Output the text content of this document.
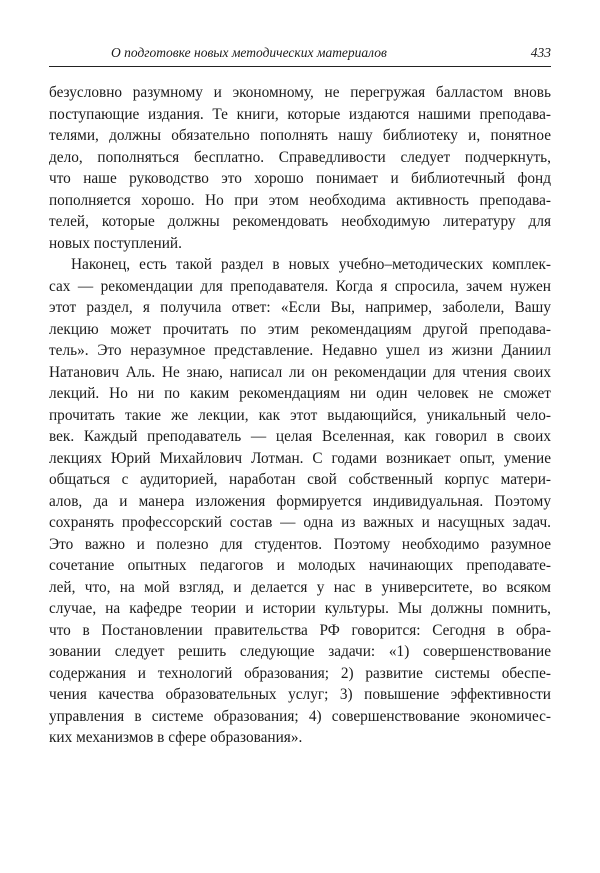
О подготовке новых методических материалов	433
безусловно разумному и экономному, не перегружая балластом вновь
поступающие издания. Те книги, которые издаются нашими преподава-
телями, должны обязательно пополнять нашу библиотеку и, понятное
дело, пополняться бесплатно. Справедливости следует подчеркнуть,
что наше руководство это хорошо понимает и библиотечный фонд
пополняется хорошо. Но при этом необходима активность преподава-
телей, которые должны рекомендовать необходимую литературу для
новых поступлений.
Наконец, есть такой раздел в новых учебно–методических комплек-
сах — рекомендации для преподавателя. Когда я спросила, зачем нужен
этот раздел, я получила ответ: «Если Вы, например, заболели, Вашу
лекцию может прочитать по этим рекомендациям другой преподава-
тель». Это неразумное представление. Недавно ушел из жизни Даниил
Натанович Аль. Не знаю, написал ли он рекомендации для чтения своих
лекций. Но ни по каким рекомендациям ни один человек не сможет
прочитать такие же лекции, как этот выдающийся, уникальный чело-
век. Каждый преподаватель — целая Вселенная, как говорил в своих
лекциях Юрий Михайлович Лотман. С годами возникает опыт, умение
общаться с аудиторией, наработан свой собственный корпус матери-
алов, да и манера изложения формируется индивидуальная. Поэтому
сохранять профессорский состав — одна из важных и насущных задач.
Это важно и полезно для студентов. Поэтому необходимо разумное
сочетание опытных педагогов и молодых начинающих преподавате-
лей, что, на мой взгляд, и делается у нас в университете, во всяком
случае, на кафедре теории и истории культуры. Мы должны помнить,
что в Постановлении правительства РФ говорится: Сегодня в обра-
зовании следует решить следующие задачи: «1) совершенствование
содержания и технологий образования; 2) развитие системы обеспе-
чения качества образовательных услуг; 3) повышение эффективности
управления в системе образования; 4) совершенствование экономичес-
ких механизмов в сфере образования».
